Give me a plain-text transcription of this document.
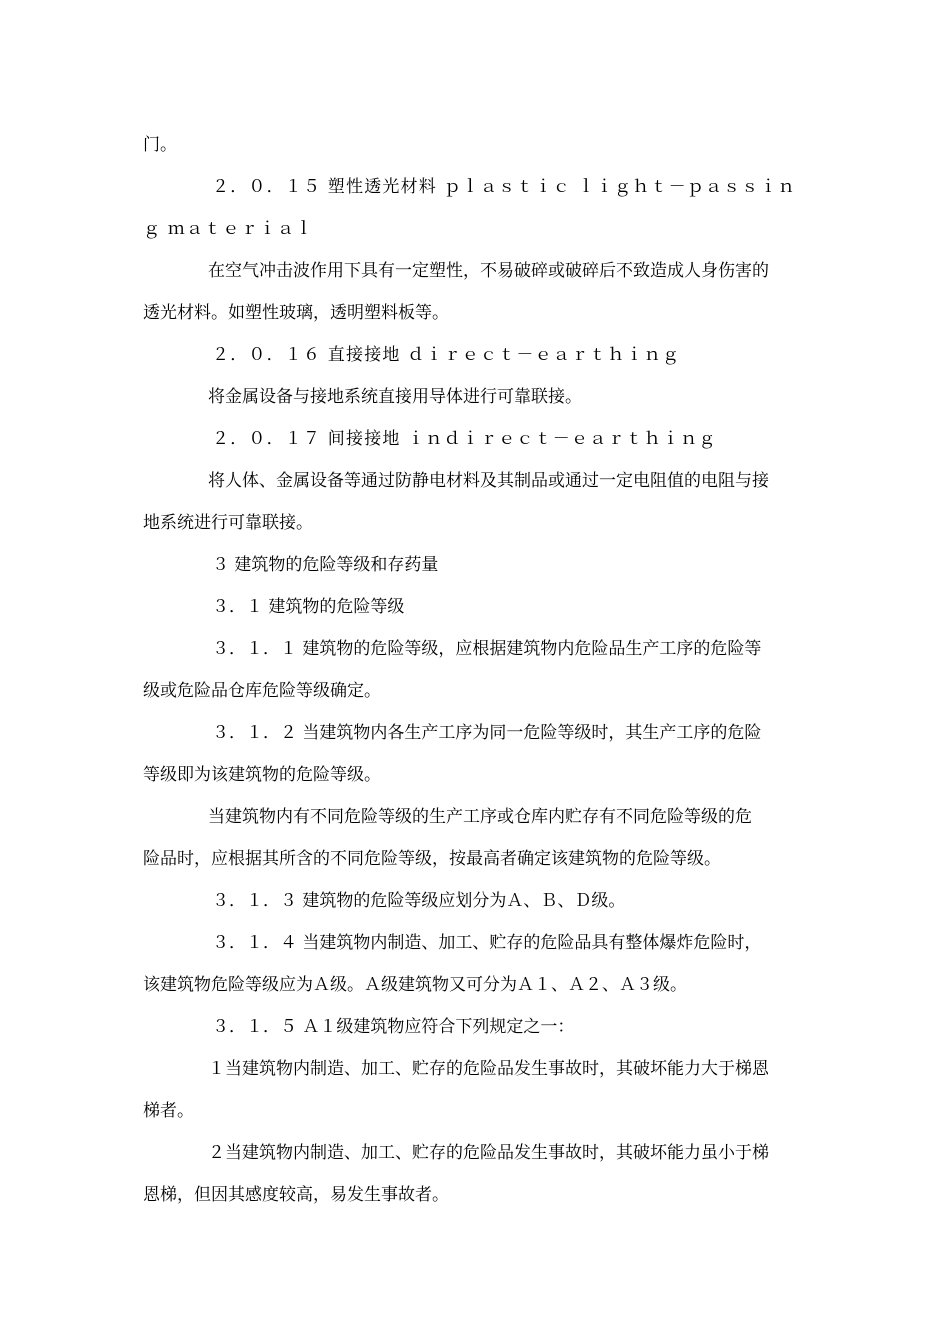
门。
２．０．１５ 塑性透光材料 ｐｌａｓｔｉｃ ｌｉｇｈｔ－ｐａｓｓｉｎ
ｇ ｍａｔｅｒｉａｌ
在空气冲击波作用下具有一定塑性，不易破碎或破碎后不致造成人身伤害的
透光材料。如塑性玻璃，透明塑料板等。
２．０．１６ 直接接地 ｄｉｒｅｃｔ－ｅａｒｔｈｉｎｇ
将金属设备与接地系统直接用导体进行可靠联接。
２．０．１７ 间接接地 ｉｎｄｉｒｅｃｔ－ｅａｒｔｈｉｎｇ
将人体、金属设备等通过防静电材料及其制品或通过一定电阻值的电阻与接
地系统进行可靠联接。
３ 建筑物的危险等级和存药量
３．１ 建筑物的危险等级
３．１．１ 建筑物的危险等级，应根据建筑物内危险品生产工序的危险等
级或危险品仓库危险等级确定。
３．１．２ 当建筑物内各生产工序为同一危险等级时，其生产工序的危险
等级即为该建筑物的危险等级。
当建筑物内有不同危险等级的生产工序或仓库内贮存有不同危险等级的危
险品时，应根据其所含的不同危险等级，按最高者确定该建筑物的危险等级。
３．１．３ 建筑物的危险等级应划分为Ａ、Ｂ、Ｄ级。
３．１．４ 当建筑物内制造、加工、贮存的危险品具有整体爆炸危险时，
该建筑物危险等级应为Ａ级。Ａ级建筑物又可分为Ａ１、Ａ２、Ａ３级。
３．１．５ Ａ１级建筑物应符合下列规定之一：
１当建筑物内制造、加工、贮存的危险品发生事故时，其破坏能力大于梯恩
梯者。
２当建筑物内制造、加工、贮存的危险品发生事故时，其破坏能力虽小于梯
恩梯，但因其感度较高，易发生事故者。
